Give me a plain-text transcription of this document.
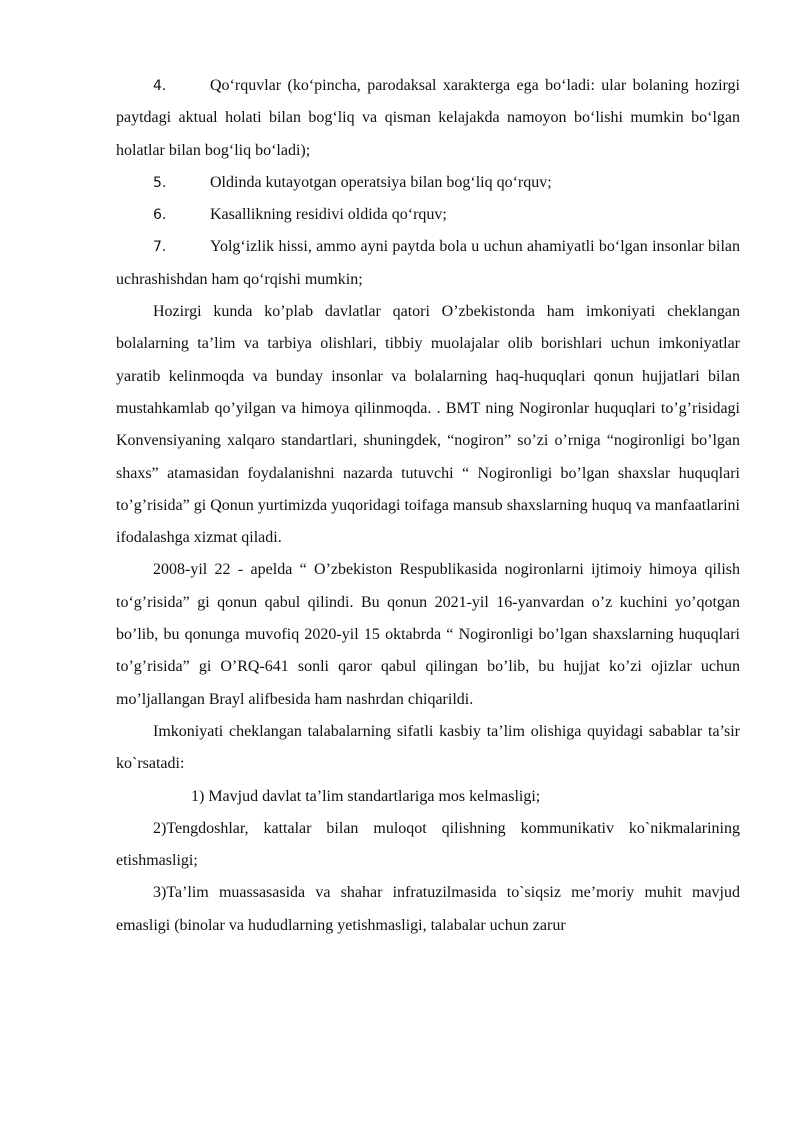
4.	Qo‘rquvlar (ko‘pincha, parodaksal xarakterga ega bo‘ladi: ular bolaning hozirgi paytdagi aktual holati bilan bog‘liq va qisman kelajakda namoyon bo‘lishi mumkin bo‘lgan holatlar bilan bog‘liq bo‘ladi);

5.	Oldinda kutayotgan operatsiya bilan bog‘liq qo‘rquv;
6.	Kasallikning residivi oldida qo‘rquv;

7.	Yolg‘izlik hissi, ammo ayni paytda bola u uchun ahamiyatli bo‘lgan insonlar bilan uchrashishdan ham qo‘rqishi mumkin;

Hozirgi kunda ko’plab davlatlar qatori O’zbekistonda ham imkoniyati cheklangan bolalarning ta’lim va tarbiya olishlari, tibbiy muolajalar olib borishlari uchun imkoniyatlar yaratib kelinmoqda va bunday insonlar va bolalarning haq-huquqlari qonun hujjatlari bilan mustahkamlab qo’yilgan va himoya qilinmoqda. . BMT ning Nogironlar huquqlari to’g’risidagi Konvensiyaning xalqaro standartlari, shuningdek, “nogiron” so’zi o’rniga “nogironligi bo’lgan shaxs” atamasidan foydalanishni nazarda tutuvchi “ Nogironligi bo’lgan shaxslar huquqlari to’g’risida” gi Qonun yurtimizda yuqoridagi toifaga mansub shaxslarning huquq va manfaatlarini ifodalashga xizmat qiladi.

2008-yil 22 - apelda “ O’zbekiston Respublikasida nogironlarni ijtimoiy himoya qilish to‘g’risida” gi qonun qabul qilindi. Bu qonun 2021-yil 16-yanvardan o’z kuchini yo’qotgan bo’lib, bu qonunga muvofiq 2020-yil 15 oktabrda “ Nogironligi bo’lgan shaxslarning huquqlari to’g’risida” gi O’RQ-641 sonli qaror qabul qilingan bo’lib, bu hujjat ko’zi ojizlar uchun mo’ljallangan Brayl alifbesida ham nashrdan chiqarildi.

Imkoniyati cheklangan talabalarning sifatli kasbiy ta’lim olishiga quyidagi sabablar ta’sir ko`rsatadi:

1) Mavjud davlat ta’lim standartlariga mos kelmasligi;

2)Tengdoshlar, kattalar bilan muloqot qilishning kommunikativ ko`nikmalarining etishmasligi;

3)Ta’lim muassasasida va shahar infratuzilmasida to`siqsiz me’moriy muhit mavjud emasligi (binolar va hududlarning yetishmasligi, talabalar uchun zarur
